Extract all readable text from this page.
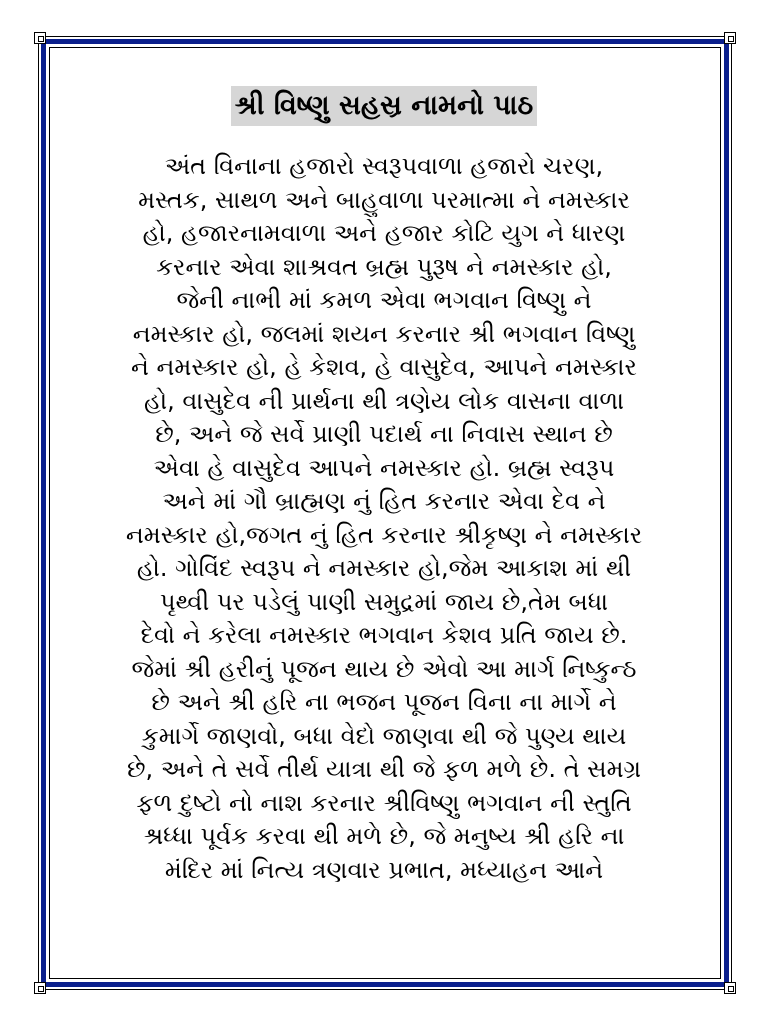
શ્રી વિષ્ણુ સહસ્ર નામનો પાઠ
અંત વિનાના હજારો સ્વરૂપવાળા હજારો ચરણ,
મસ્તક, સાથળ અને બાહુવાળા પરમાત્મા ને નમસ્કાર
હો, હજારનામવાળા અને હજાર કોટિ યુગ ને ધારણ
કરનાર એવા શાશ્રવત બ્રહ્મ પુરૂષ ને નમસ્કાર હો,
જેની નાભી માં કમળ એવા ભગવાન વિષ્ણુ ને
નમસ્કાર હો, જલમાં શયન કરનાર શ્રી ભગવાન વિષ્ણુ
ને નમસ્કાર હો, હે કેશવ, હે વાસુદેવ, આપને નમસ્કાર
હો, વાસુદેવ ની પ્રાર્થના થી ત્રણેય લોક વાસના વાળા
છે, અને જે સર્વે પ્રાણી પદાર્થ ના નિવાસ સ્થાન છે
એવા હે વાસુદેવ આપને નમસ્કાર હો. બ્રહ્મ સ્વરૂપ
અને માં ગૌ બ્રાહ્મણ નું હિત કરનાર એવા દેવ ને
નમસ્કાર હો,જગત નું હિત કરનાર શ્રીકૃષ્ણ ને નમસ્કાર
હો. ગોવિંદ સ્વરૂપ ને નમસ્કાર હો,જેમ આકાશ માં થી
પૃથ્વી પર પડેલું પાણી સમુદ્રમાં જાય છે,તેમ બધા
દેવો ને કરેલા નમસ્કાર ભગવાન કેશવ પ્રતિ જાય છે.
જેમાં શ્રી હરીનું પૂજન થાય છે એવો આ માર્ગ નિષ્કુન્ઠ
છે અને શ્રી હરિ ના ભજન પૂજન વિના ના માર્ગે ને
કુમાર્ગે જાણવો, બધા વેદો જાણવા થી જે પુણ્ય થાય
છે, અને તે સર્વે તીર્થ યાત્રા થી જે ફળ મળે છે. તે સમગ્ર
ફળ દુષ્ટો નો નાશ કરનાર શ્રીવિષ્ણુ ભગવાન ની સ્તુતિ
શ્રધ્ધા પૂર્વક કરવા થી મળે છે, જે મનુષ્ય શ્રી હરિ ના
મંદિર માં નિત્ય ત્રણવાર પ્રભાત, મધ્યાહન આને
